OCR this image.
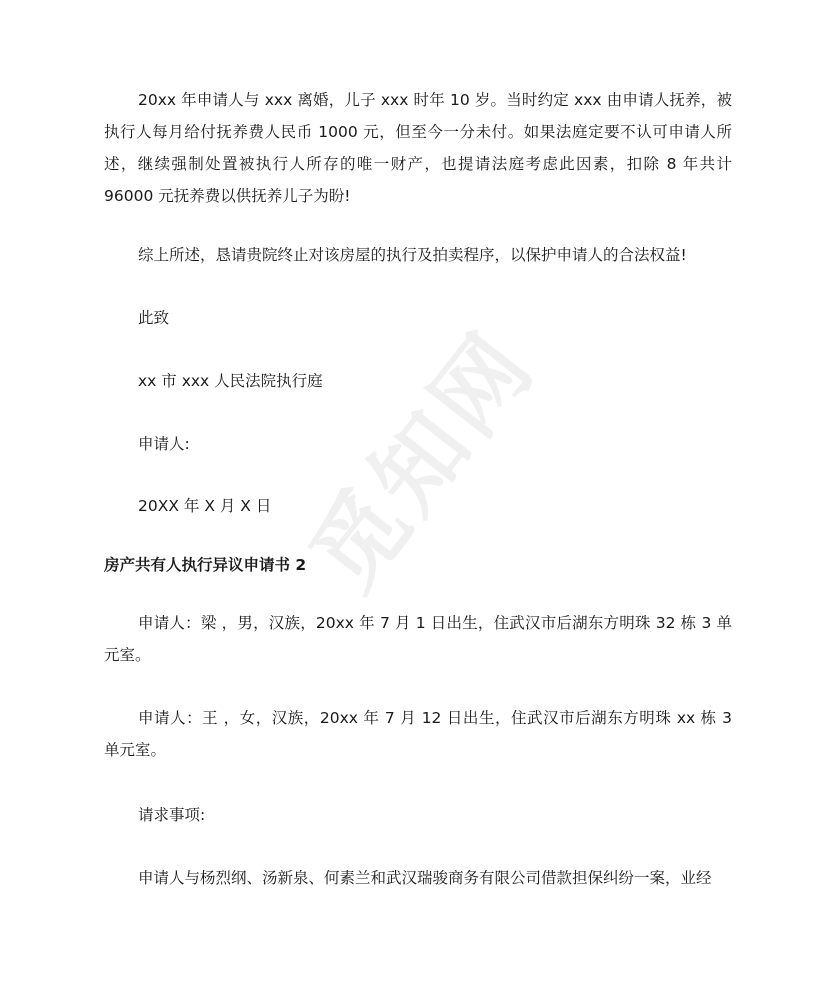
觅知网

20xx 年申请人与 xxx 离婚，儿子 xxx 时年 10 岁。当时约定 xxx 由申请人抚养，被执行人每月给付抚养费人民币 1000 元，但至今一分未付。如果法庭定要不认可申请人所述，继续强制处置被执行人所存的唯一财产，也提请法庭考虑此因素，扣除 8 年共计 96000 元抚养费以供抚养儿子为盼!

综上所述，恳请贵院终止对该房屋的执行及拍卖程序，以保护申请人的合法权益!

此致

xx 市 xxx 人民法院执行庭

申请人:

20XX 年 X 月 X 日

房产共有人执行异议申请书 2

申请人：梁 ，男，汉族，20xx 年 7 月 1 日出生，住武汉市后湖东方明珠 32 栋 3 单元室。

申请人：王 ，女，汉族，20xx 年 7 月 12 日出生，住武汉市后湖东方明珠 xx 栋 3 单元室。

请求事项:

申请人与杨烈纲、汤新泉、何素兰和武汉瑞骏商务有限公司借款担保纠纷一案，业经
